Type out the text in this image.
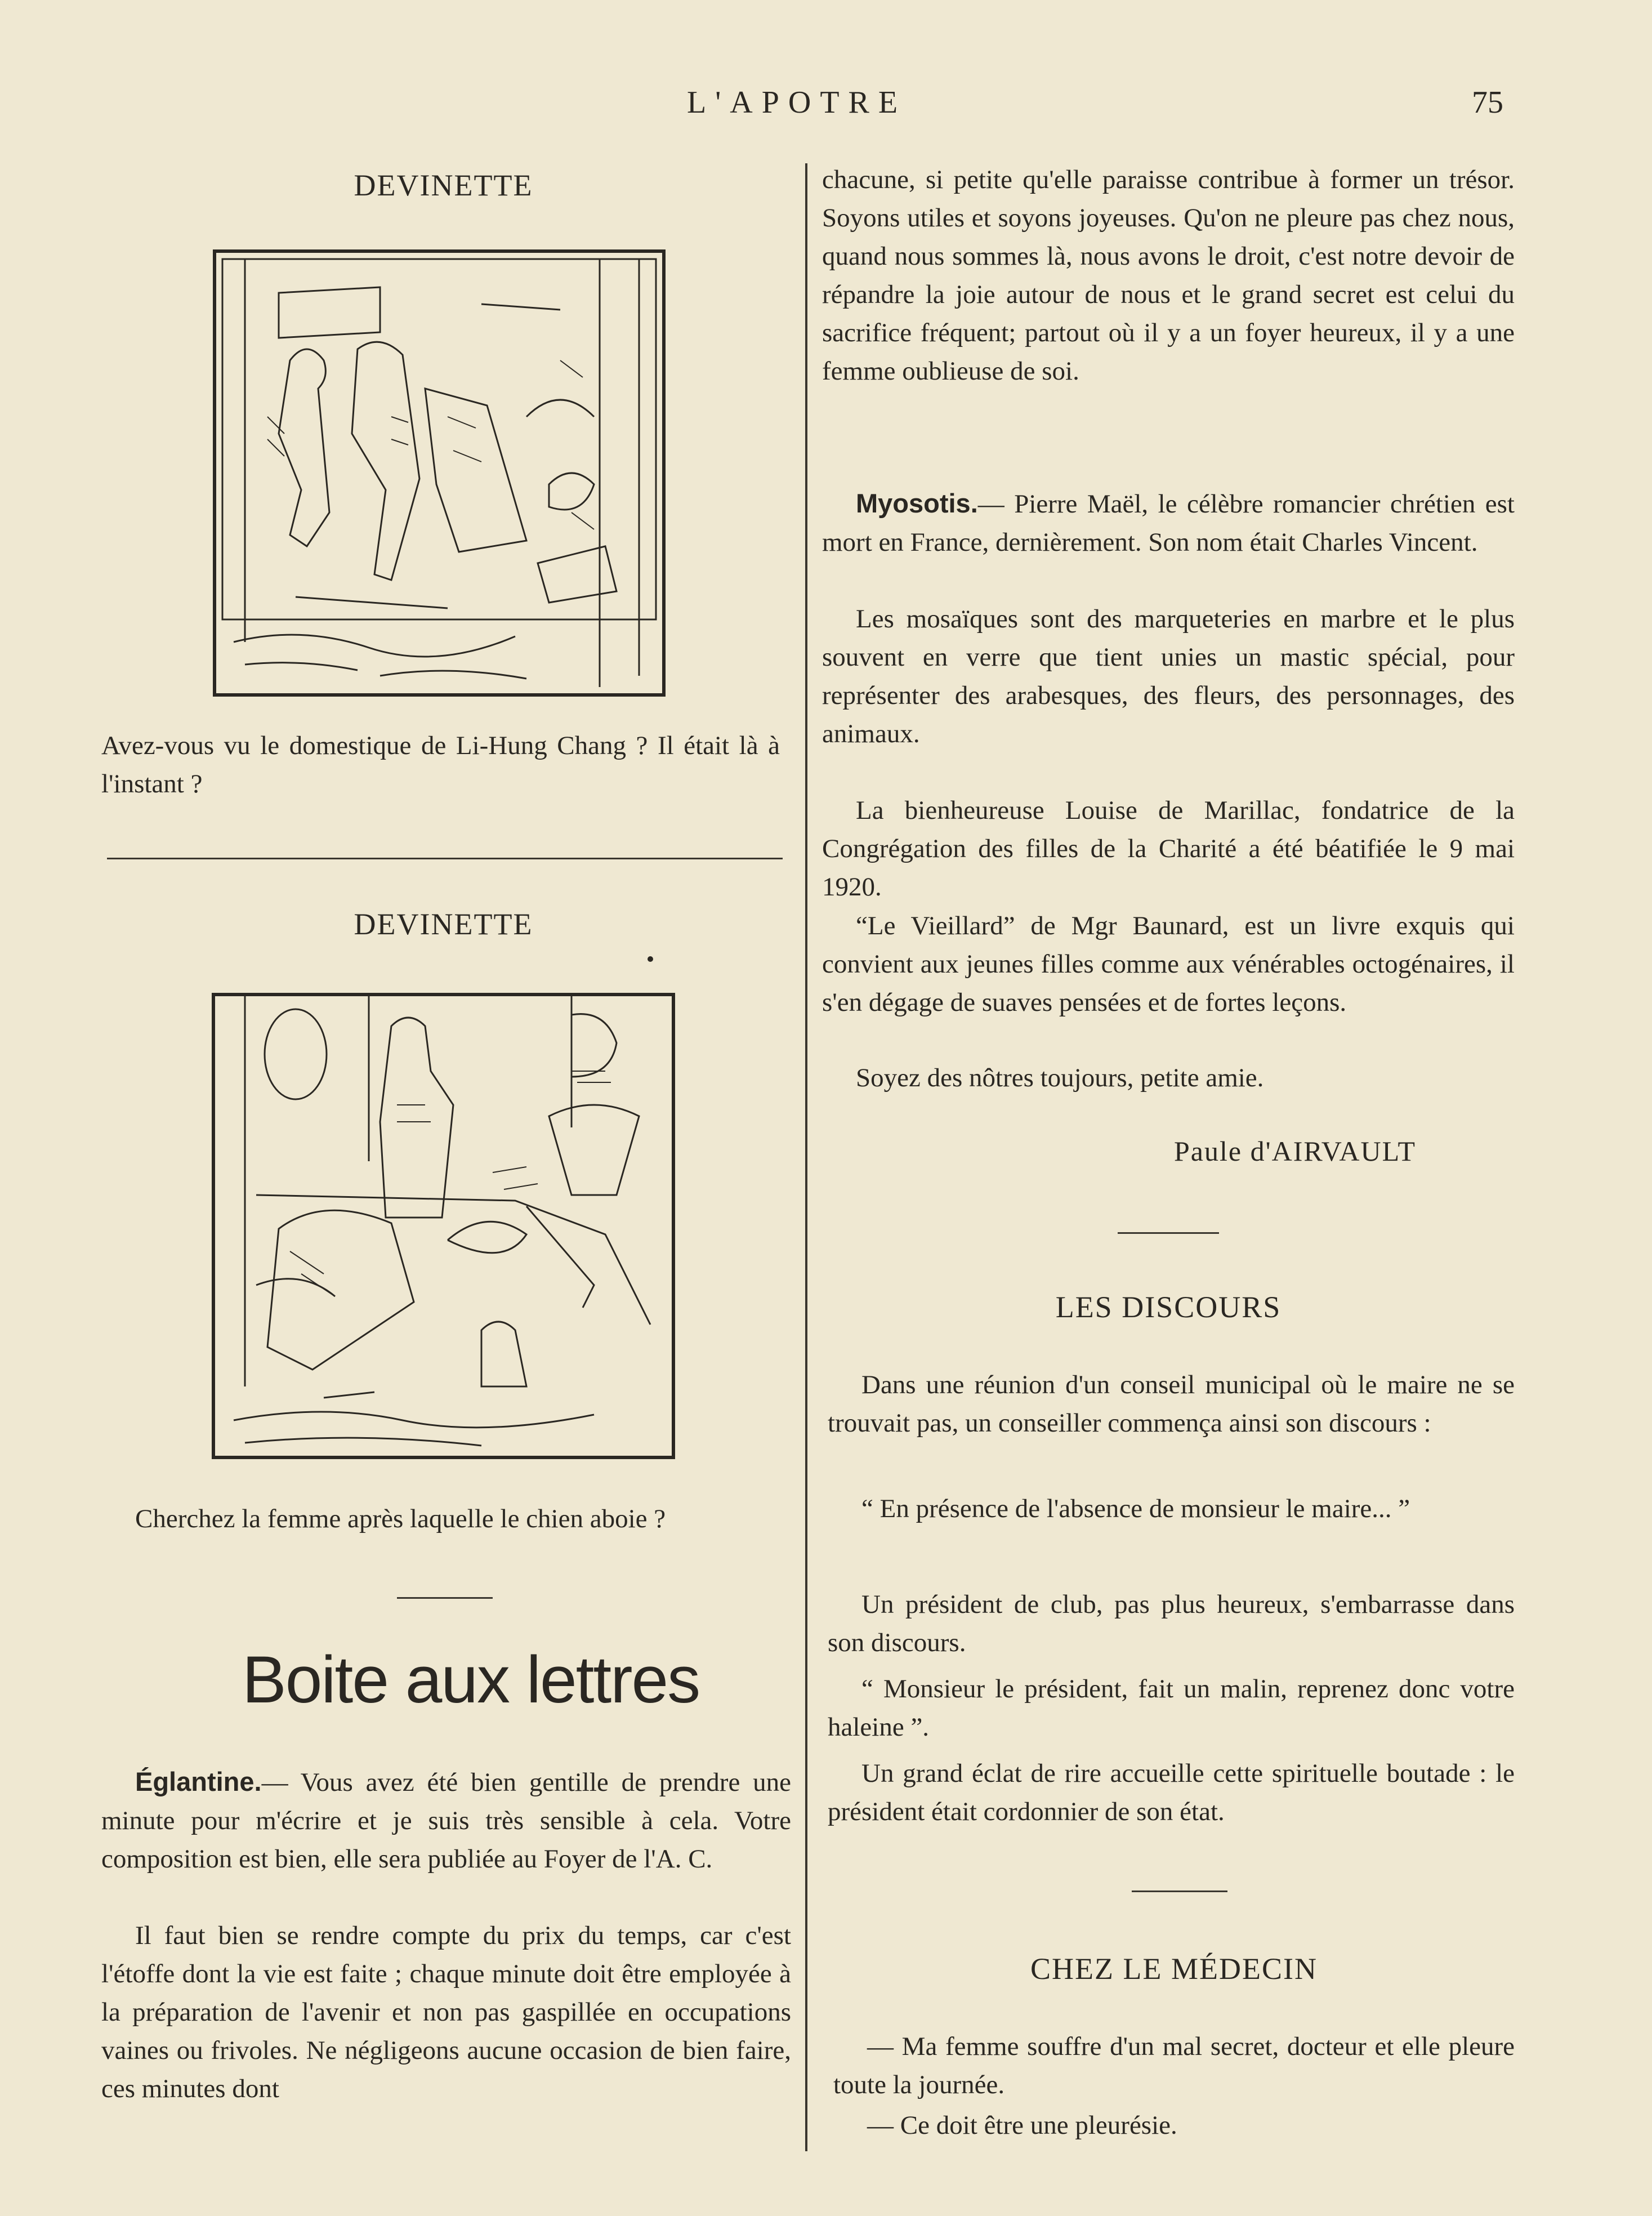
L'APOTRE	75
DEVINETTE

Avez-vous vu le domestique de Li-Hung Chang ? Il était là à l'instant ?

DEVINETTE

Cherchez la femme après laquelle le chien aboie ?

Boite aux lettres

Églantine.— Vous avez été bien gentille de prendre une minute pour m'écrire et je suis très sensible à cela. Votre composition est bien, elle sera publiée au Foyer de l'A. C.

Il faut bien se rendre compte du prix du temps, car c'est l'étoffe dont la vie est faite ; chaque minute doit être employée à la préparation de l'avenir et non pas gaspillée en occupations vaines ou frivoles. Ne négligeons aucune occasion de bien faire, ces minutes dont

chacune, si petite qu'elle paraisse contribue à former un trésor. Soyons utiles et soyons joyeuses. Qu'on ne pleure pas chez nous, quand nous sommes là, nous avons le droit, c'est notre devoir de répandre la joie autour de nous et le grand secret est celui du sacrifice fréquent; partout où il y a un foyer heureux, il y a une femme oublieuse de soi.

Myosotis.— Pierre Maël, le célèbre romancier chrétien est mort en France, dernièrement. Son nom était Charles Vincent.

Les mosaïques sont des marqueteries en marbre et le plus souvent en verre que tient unies un mastic spécial, pour représenter des arabesques, des fleurs, des personnages, des animaux.

La bienheureuse Louise de Marillac, fondatrice de la Congrégation des filles de la Charité a été béatifiée le 9 mai 1920.

“Le Vieillard” de Mgr Baunard, est un livre exquis qui convient aux jeunes filles comme aux vénérables octogénaires, il s'en dégage de suaves pensées et de fortes leçons.

Soyez des nôtres toujours, petite amie.

Paule d'AIRVAULT
LES DISCOURS

Dans une réunion d'un conseil municipal où le maire ne se trouvait pas, un conseiller commença ainsi son discours :

“ En présence de l'absence de monsieur le maire... ”

Un président de club, pas plus heureux, s'embarrasse dans son discours.

“ Monsieur le président, fait un malin, reprenez donc votre haleine ”.

Un grand éclat de rire accueille cette spirituelle boutade : le président était cordonnier de son état.

CHEZ LE MÉDECIN

— Ma femme souffre d'un mal secret, docteur et elle pleure toute la journée.

— Ce doit être une pleurésie.
